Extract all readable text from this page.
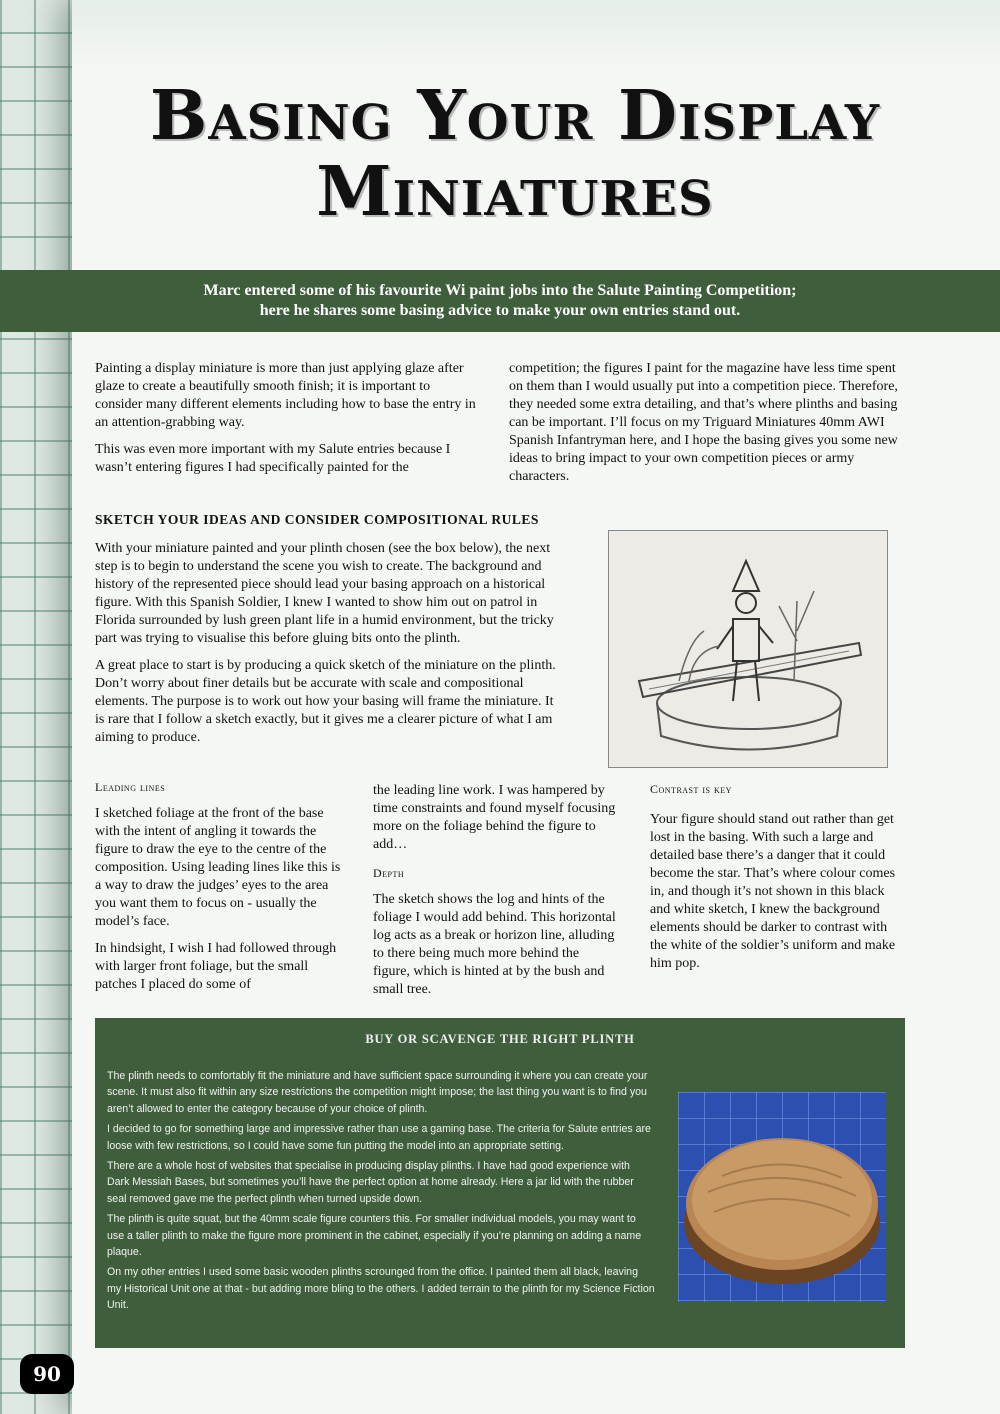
Basing Your Display Miniatures
Marc entered some of his favourite Wi paint jobs into the Salute Painting Competition;
here he shares some basing advice to make your own entries stand out.

Painting a display miniature is more than just applying glaze after glaze to create a beautifully smooth finish; it is important to consider many different elements including how to base the entry in an attention-grabbing way.

This was even more important with my Salute entries because I wasn’t entering figures I had specifically painted for the

competition; the figures I paint for the magazine have less time spent on them than I would usually put into a competition piece. Therefore, they needed some extra detailing, and that’s where plinths and basing can be important. I’ll focus on my Triguard Miniatures 40mm AWI Spanish Infantryman here, and I hope the basing gives you some new ideas to bring impact to your own competition pieces or army characters.

SKETCH YOUR IDEAS AND CONSIDER COMPOSITIONAL RULES

With your miniature painted and your plinth chosen (see the box below), the next step is to begin to understand the scene you wish to create. The background and history of the represented piece should lead your basing approach on a historical figure. With this Spanish Soldier, I knew I wanted to show him out on patrol in Florida surrounded by lush green plant life in a humid environment, but the tricky part was trying to visualise this before gluing bits onto the plinth.

A great place to start is by producing a quick sketch of the miniature on the plinth. Don’t worry about finer details but be accurate with scale and compositional elements. The purpose is to work out how your basing will frame the miniature. It is rare that I follow a sketch exactly, but it gives me a clearer picture of what I am aiming to produce.

Leading lines

I sketched foliage at the front of the base with the intent of angling it towards the figure to draw the eye to the centre of the composition. Using leading lines like this is a way to draw the judges’ eyes to the area you want them to focus on - usually the model’s face.

In hindsight, I wish I had followed through with larger front foliage, but the small patches I placed do some of

the leading line work. I was hampered by time constraints and found myself focusing more on the foliage behind the figure to add…

Depth

The sketch shows the log and hints of the foliage I would add behind. This horizontal log acts as a break or horizon line, alluding to there being much more behind the figure, which is hinted at by the bush and small tree.

Contrast is key

Your figure should stand out rather than get lost in the basing. With such a large and detailed base there’s a danger that it could become the star. That’s where colour comes in, and though it’s not shown in this black and white sketch, I knew the background elements should be darker to contrast with the white of the soldier’s uniform and make him pop.

BUY OR SCAVENGE THE RIGHT PLINTH

The plinth needs to comfortably fit the miniature and have sufficient space surrounding it where you can create your scene. It must also fit within any size restrictions the competition might impose; the last thing you want is to find you aren’t allowed to enter the category because of your choice of plinth.

I decided to go for something large and impressive rather than use a gaming base. The criteria for Salute entries are loose with few restrictions, so I could have some fun putting the model into an appropriate setting.

There are a whole host of websites that specialise in producing display plinths. I have had good experience with Dark Messiah Bases, but sometimes you’ll have the perfect option at home already. Here a jar lid with the rubber seal removed gave me the perfect plinth when turned upside down.

The plinth is quite squat, but the 40mm scale figure counters this. For smaller individual models, you may want to use a taller plinth to make the figure more prominent in the cabinet, especially if you’re planning on adding a name plaque.

On my other entries I used some basic wooden plinths scrounged from the office. I painted them all black, leaving my Historical Unit one at that - but adding more bling to the others. I added terrain to the plinth for my Science Fiction Unit.

90
